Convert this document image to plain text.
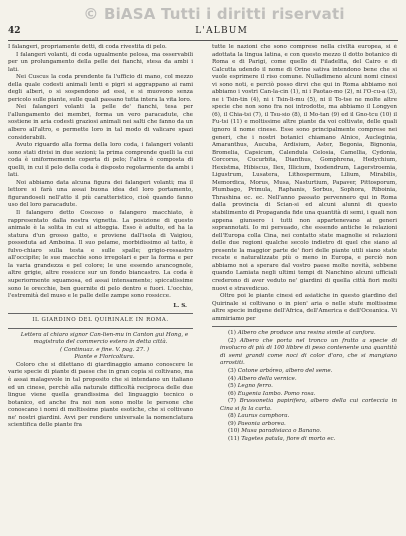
© BiASA Tutti i diritti riservati
42	L'ALBUM

I falangeri, propriamente detti, di coda rivestita di pelo.

I falangeri volanti, di coda ugualmente pelosa, ma osservabili per un prolungamento della pelle dei fianchi, stesa da ambi i lati.

Nei Cuscus la coda prendente fa l'ufficio di mano, col mezzo della quale codesti animali lenti e pigri si aggrappano ai rami degli alberi, o si sospendono ad essi, e si muovono senza pericolo sulle piante, sulle quali passano tutta intera la vita loro.

Nei falangeri volanti la pelle de' fianchi, tesa per l'allungamento dei membri, forma un vero paracadute, che sostiene in aria codesti graziosi animali nei salti che fanno da un albero all'altro, e permette loro in tal modo di valicare spazi considerabili.

Avuto riguardo alla forma della loro coda, i falangeri volanti sono stati divisi in due sezioni; la prima comprende quelli la cui coda è uniformemente coperta di pelo; l'altra è composta di quelli, in cui il pelo della coda è disposto regolarmente da ambi i lati.

Noi abbiamo data alcuna figura dei falangeri volanti; ma il lettore si farà una assai buona idea del loro portamento, figurandoseli nell'atto il più caratteristico, cioè quando fanno uso del loro paracadute.

Il falangero detto Coscoso o falangero macchiato, è rappresentato dalla nostra vignetta. La posizione di questo animale è la solita in cui si atteggia. Esso è adulto, ed ha la statura d'un grosso gatto, e proviene dall'isola di Vaigiou, posseduta ad Amboina. Il suo pelame, morbidissimo al tatto, è fulvo-chiaro sulla testa e sulle spalle; grigio-rossastro all'occipite; le sue macchie sono irregolari e per la forma e per la varia grandezza e pel colore; le une essendo arancognole, altre grigie, altre rossicce sur un fondo biancastro. La coda è superiormente squamosa, ed assai intensamente; spiccatissime sono le orecchie, ben guernite di pelo dentro e fuori. L'occhio, l'estremità del muso e le palle delle zampe sono rossicce.

L. S.
IL GIARDINO DEL QUIRINALE IN ROMA.

Lettera al chiaro signor Can-lien-mu in Canton gui Hong, e magistrato del commercio estero in detta città.

( Continuaz. e fine. V. pag. 27. )

Piante e Floricoltura.

Coloro che si dilettano di giardinaggio amano conoscere le varie specie di piante di paese che in gran copia si coltivano, ma è assai malagevole in tal proposito che si intendano un italiano ed un cinese, perchè alla naturale difficoltà reciproca delle due lingue viene quella grandissima del linguaggio tecnico o botanico, ed anche fra noi non sono molte le persone che conoscano i nomi di moltissime piante esotiche, che si coltivano ne' nostri giardini. Avvi per rendere universale la nomenclatura scientifica delle piante fra

tutte le nazioni che sono comprese nella civiltà europea, si è adottata la lingua latina, e con questo mezzo il dotto botanico di Roma e di Parigi, come quello di Filadelfia, del Cairo e di Calcutta udendo il nome di Orine sativa intendono bene che si vuole esprimere il riso comune. Nulladimeno alcuni nomi cinesi vi sono noti, e perciò posso dirvi che qui in Roma abbiamo noi abbiamo i vostri Can-la-cin (1), ni i Paotao-mo (2), ni l'O-cu-a (3), ne i Tsin-tin (4), ni i Tsin-li-mu (5), ni il To-tse ne molte altre specie che non sono fra noi introdotte, ma abbiamo il Longyen (6), il Chia-tsi (7), il Tsu-sio (8), il Mo-tan (9) ed il Gno-tcu (10) il Fu-tsi (11) e moltissime altre piante da voi coltivate, delle quali ignoro il nome cinese. Esse sono principalmente comprese nei generi, che i nostri botanici chiamano Alnice, Aucleginia, Amaranthus, Aucuba, Ardisium, Aster, Begonia, Bignonia, Bromelia, Capsicum, Calendula Celosia, Camellia, Cydonia, Corcorus, Cucurbita, Dianthus, Gomphrena, Hedychium, Hexistma, Hibiscus, Ilex, Illicium, Ixodendrum, Lagerstroemia, Ligustrum, Lusatera, Lithospermum, Lilium, Mirabilis, Memordica, Morus, Musa, Nasturtium, Papaver, Pittosporum, Plumbago, Primula, Raphanis, Sorbus, Sophora, Riboinia, Thrashina ec. ec. Nell'anno passato pervennero qui in Roma dalla provincia di Scian-si ed alcuni alunni di questo stabilimento di Propaganda fide una quantità di semi, i quali non appena giunsero i tutti non appartenevano ai generi soprannotati. Io mi persuado, che essendo antiche le relazioni dell'Europa colla Cina, nei contatto state magnolie si relazioni delle due regioni qualche secolo indietro di quel che siano al presente la maggior parte de' fiori delle piante utili siano state recate e naturalizzate più o meno in Europa, e perciò non abbiamo noi a sperare dal vostro paese molte novità, sebbene quando Lamiata negli ultimi tempi di Nanchino alcuni ufficiali crederono di aver veduto ne' giardini di quella città fiori molti nuovi e stravedicuo.

Oltre poi le piante cinesi ed asiatiche in questo giardino del Quirinale si coltivano o in pien' aria o nelle stufe moltissime altre specie indigene dell'Africa, dell'America e dell'Oceanica. Vi ammiriamo per

(1) Albero che produce una resina simile al canfora.

(2) Albero che porta nel tronco un frutto a specie di involucro di più di 100 libbre di peso contenente una quantità di semi grandi come noci di color d'oro, che si mangiano arrostiti.

(3) Cotone arbóreo, albero del seme.

(4) Albero della vernice.

(5) Legno ferro.

(6) Eugenia Iambo. Pomo rosa.

(7) Brussonetia papirifera, albero della cui corteccia in Cina si fa la carta.

(8) Laurus camphora.

(9) Paeonia arborea.

(10) Musa paradisiaca o Banano.

(11) Tagetes patula, fiore di morto ec.
